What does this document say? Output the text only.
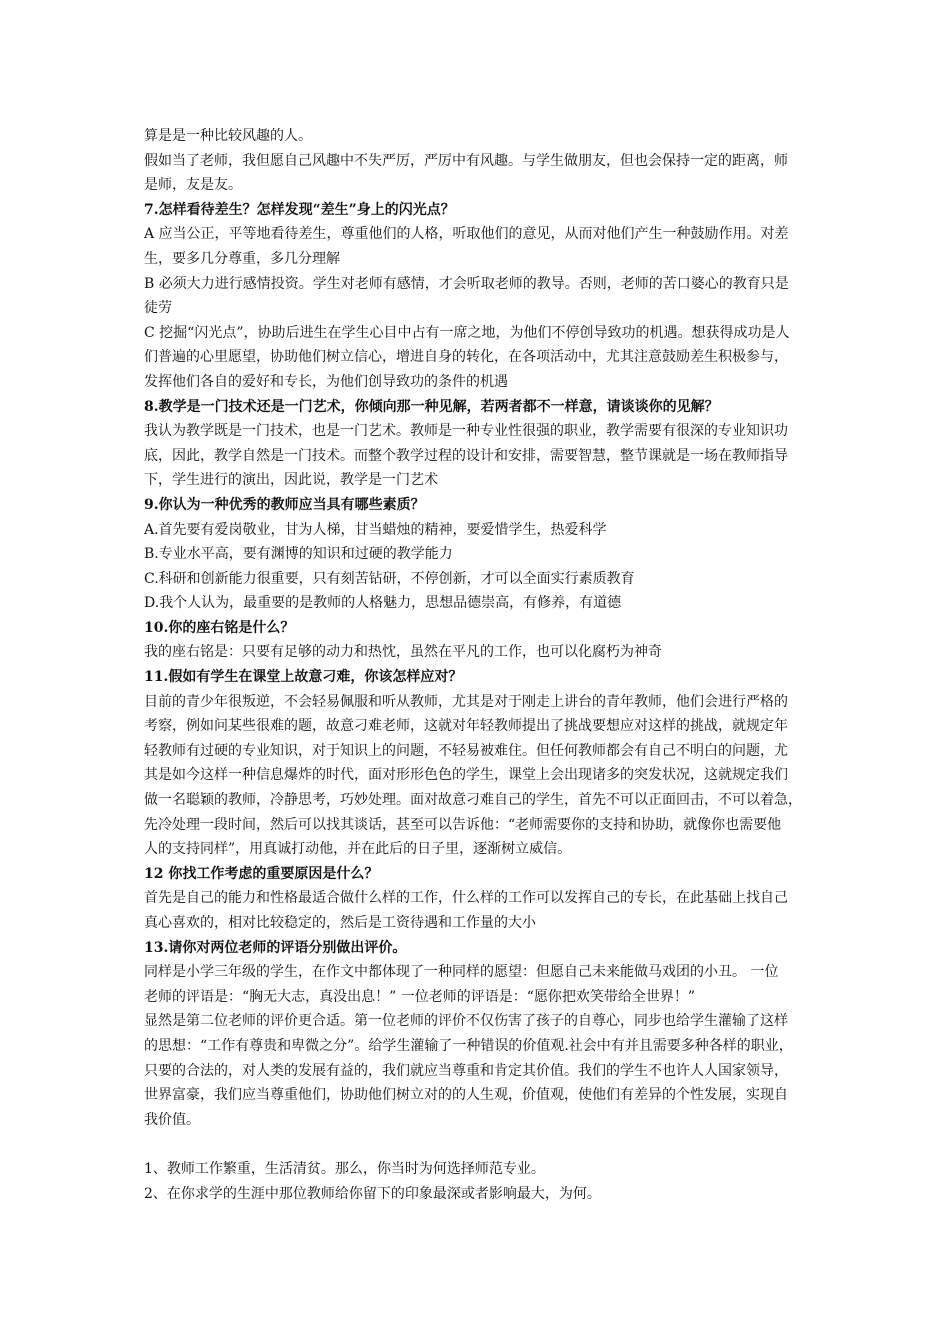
算是是一种比较风趣的人。
假如当了老师，我但愿自己风趣中不失严厉，严厉中有风趣。与学生做朋友，但也会保持一定的距离，师
是师，友是友。
7.怎样看待差生？怎样发现“差生”身上的闪光点？
A 应当公正，平等地看待差生，尊重他们的人格，听取他们的意见，从而对他们产生一种鼓励作用。对差
生，要多几分尊重，多几分理解
B 必须大力进行感情投资。学生对老师有感情，才会听取老师的教导。否则，老师的苦口婆心的教育只是
徒劳
C 挖掘“闪光点”，协助后进生在学生心目中占有一席之地，为他们不停创导致功的机遇。想获得成功是人
们普遍的心里愿望，协助他们树立信心，增进自身的转化，在各项活动中，尤其注意鼓励差生积极参与，
发挥他们各自的爱好和专长，为他们创导致功的条件的机遇
8.教学是一门技术还是一门艺术，你倾向那一种见解，若两者都不一样意，请谈谈你的见解？
我认为教学既是一门技术，也是一门艺术。教师是一种专业性很强的职业，教学需要有很深的专业知识功
底，因此，教学自然是一门技术。而整个教学过程的设计和安排，需要智慧，整节课就是一场在教师指导
下，学生进行的演出，因此说，教学是一门艺术
9.你认为一种优秀的教师应当具有哪些素质？
A.首先要有爱岗敬业，甘为人梯，甘当蜡烛的精神，要爱惜学生，热爱科学
B.专业水平高，要有渊博的知识和过硬的教学能力
C.科研和创新能力很重要，只有刻苦钻研，不停创新，才可以全面实行素质教育
D.我个人认为，最重要的是教师的人格魅力，思想品德崇高，有修养，有道德
10.你的座右铭是什么？
我的座右铭是：只要有足够的动力和热忱，虽然在平凡的工作，也可以化腐朽为神奇
11.假如有学生在课堂上故意刁难，你该怎样应对？
目前的青少年很叛逆，不会轻易佩服和听从教师，尤其是对于刚走上讲台的青年教师，他们会进行严格的
考察，例如问某些很难的题，故意刁难老师，这就对年轻教师提出了挑战要想应对这样的挑战，就规定年
轻教师有过硬的专业知识，对于知识上的问题，不轻易被难住。但任何教师都会有自己不明白的问题，尤
其是如今这样一种信息爆炸的时代，面对形形色色的学生，课堂上会出现诸多的突发状况，这就规定我们
做一名聪颖的教师，冷静思考，巧妙处理。面对故意刁难自己的学生，首先不可以正面回击，不可以着急，
先冷处理一段时间，然后可以找其谈话，甚至可以告诉他：“老师需要你的支持和协助，就像你也需要他
人的支持同样”，用真诚打动他，并在此后的日子里，逐渐树立威信。
12 你找工作考虑的重要原因是什么？
首先是自己的能力和性格最适合做什么样的工作，什么样的工作可以发挥自己的专长，在此基础上找自己
真心喜欢的，相对比较稳定的，然后是工资待遇和工作量的大小
13.请你对两位老师的评语分别做出评价。
同样是小学三年级的学生，在作文中都体现了一种同样的愿望：但愿自己未来能做马戏团的小丑。 一位
老师的评语是：“胸无大志，真没出息！” 一位老师的评语是：“愿你把欢笑带给全世界！”
显然是第二位老师的评价更合适。第一位老师的评价不仅伤害了孩子的自尊心，同步也给学生灌输了这样
的思想：“工作有尊贵和卑微之分”。给学生灌输了一种错误的价值观.社会中有并且需要多种各样的职业，
只要的合法的，对人类的发展有益的，我们就应当尊重和肯定其价值。我们的学生不也许人人国家领导，
世界富豪，我们应当尊重他们，协助他们树立对的的人生观，价值观，使他们有差异的个性发展，实现自
我价值。
1、教师工作繁重，生活清贫。那么，你当时为何选择师范专业。
2、在你求学的生涯中那位教师给你留下的印象最深或者影响最大，为何。
